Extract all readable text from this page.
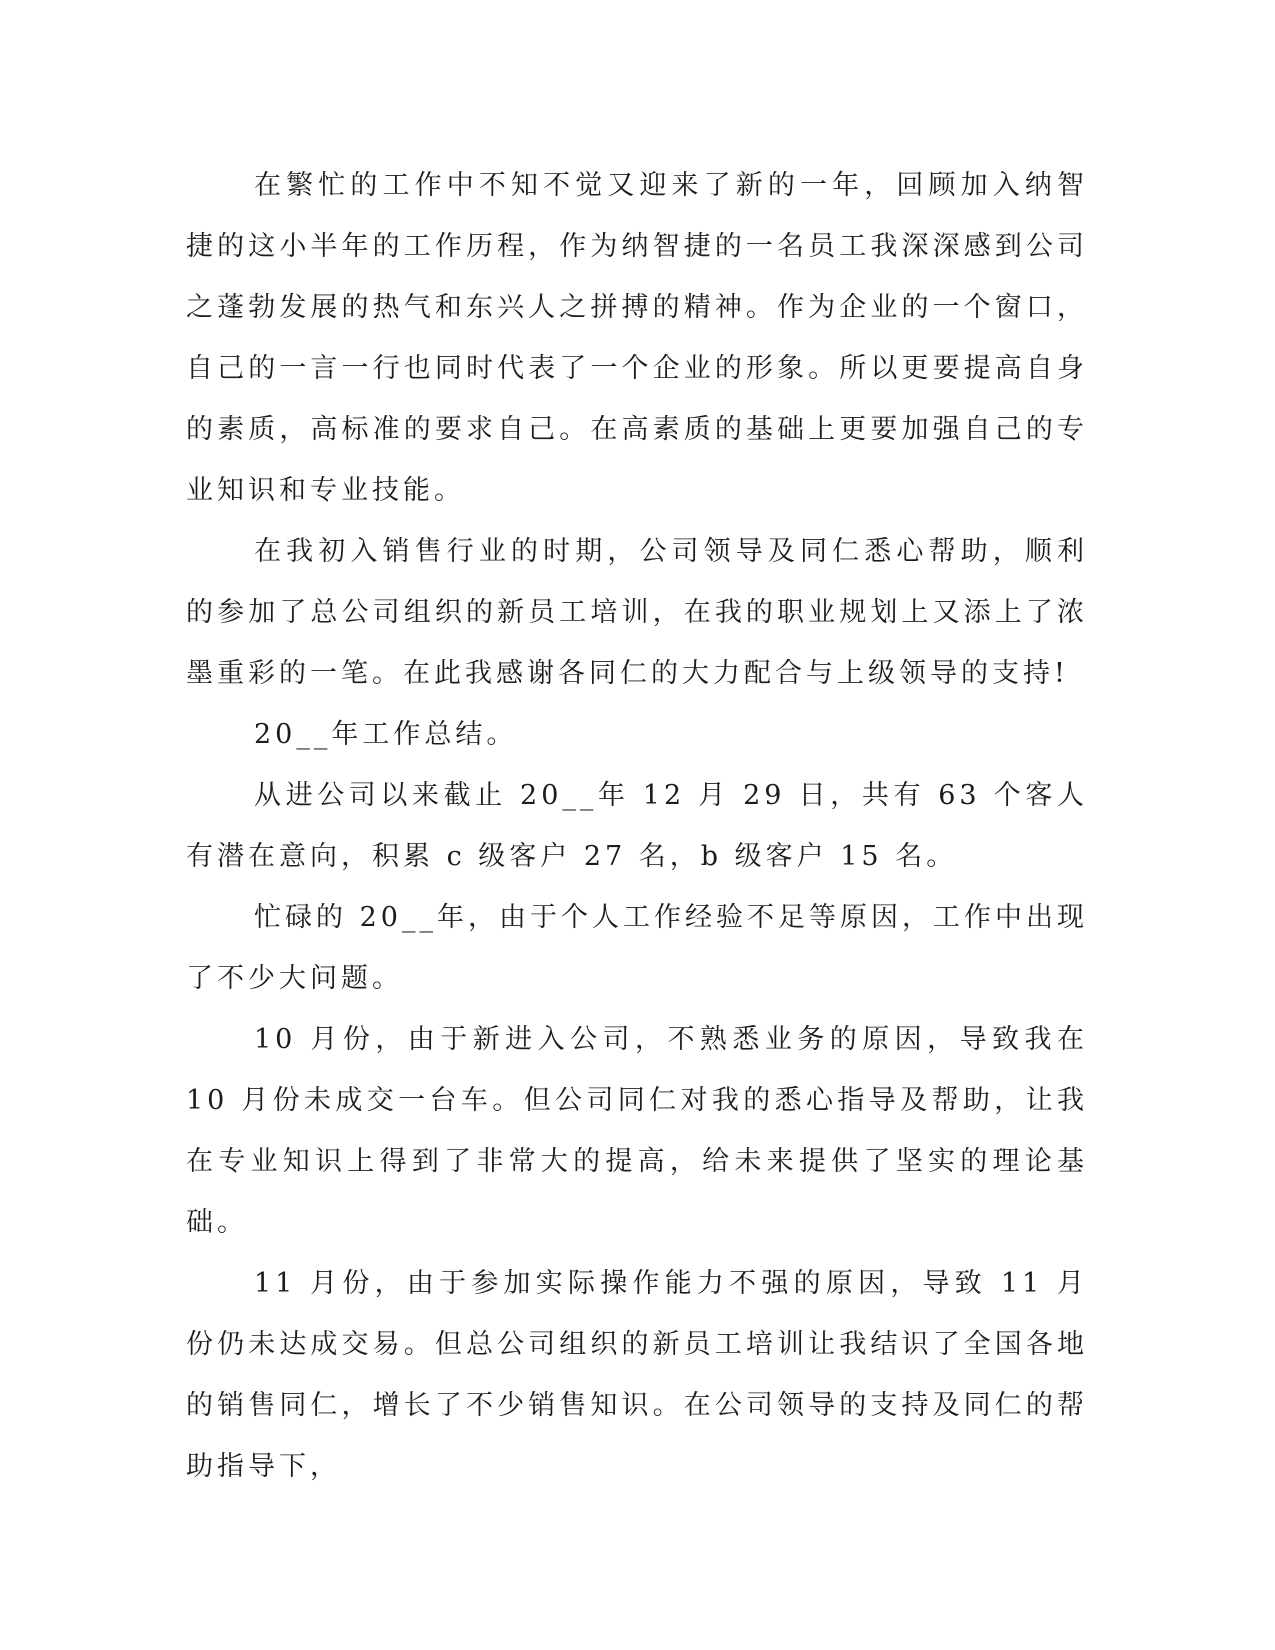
在繁忙的工作中不知不觉又迎来了新的一年，回顾加入纳智捷的这小半年的工作历程，作为纳智捷的一名员工我深深感到公司之蓬勃发展的热气和东兴人之拼搏的精神。作为企业的一个窗口，自己的一言一行也同时代表了一个企业的形象。所以更要提高自身的素质，高标准的要求自己。在高素质的基础上更要加强自己的专业知识和专业技能。

在我初入销售行业的时期，公司领导及同仁悉心帮助，顺利的参加了总公司组织的新员工培训，在我的职业规划上又添上了浓墨重彩的一笔。在此我感谢各同仁的大力配合与上级领导的支持!

20__年工作总结。

从进公司以来截止 20__年 12 月 29 日，共有 63 个客人有潜在意向，积累 c 级客户 27 名，b 级客户 15 名。

忙碌的 20__年，由于个人工作经验不足等原因，工作中出现了不少大问题。

10 月份，由于新进入公司，不熟悉业务的原因，导致我在 10 月份未成交一台车。但公司同仁对我的悉心指导及帮助，让我在专业知识上得到了非常大的提高，给未来提供了坚实的理论基础。

11 月份，由于参加实际操作能力不强的原因，导致 11 月份仍未达成交易。但总公司组织的新员工培训让我结识了全国各地的销售同仁，增长了不少销售知识。在公司领导的支持及同仁的帮助指导下，
